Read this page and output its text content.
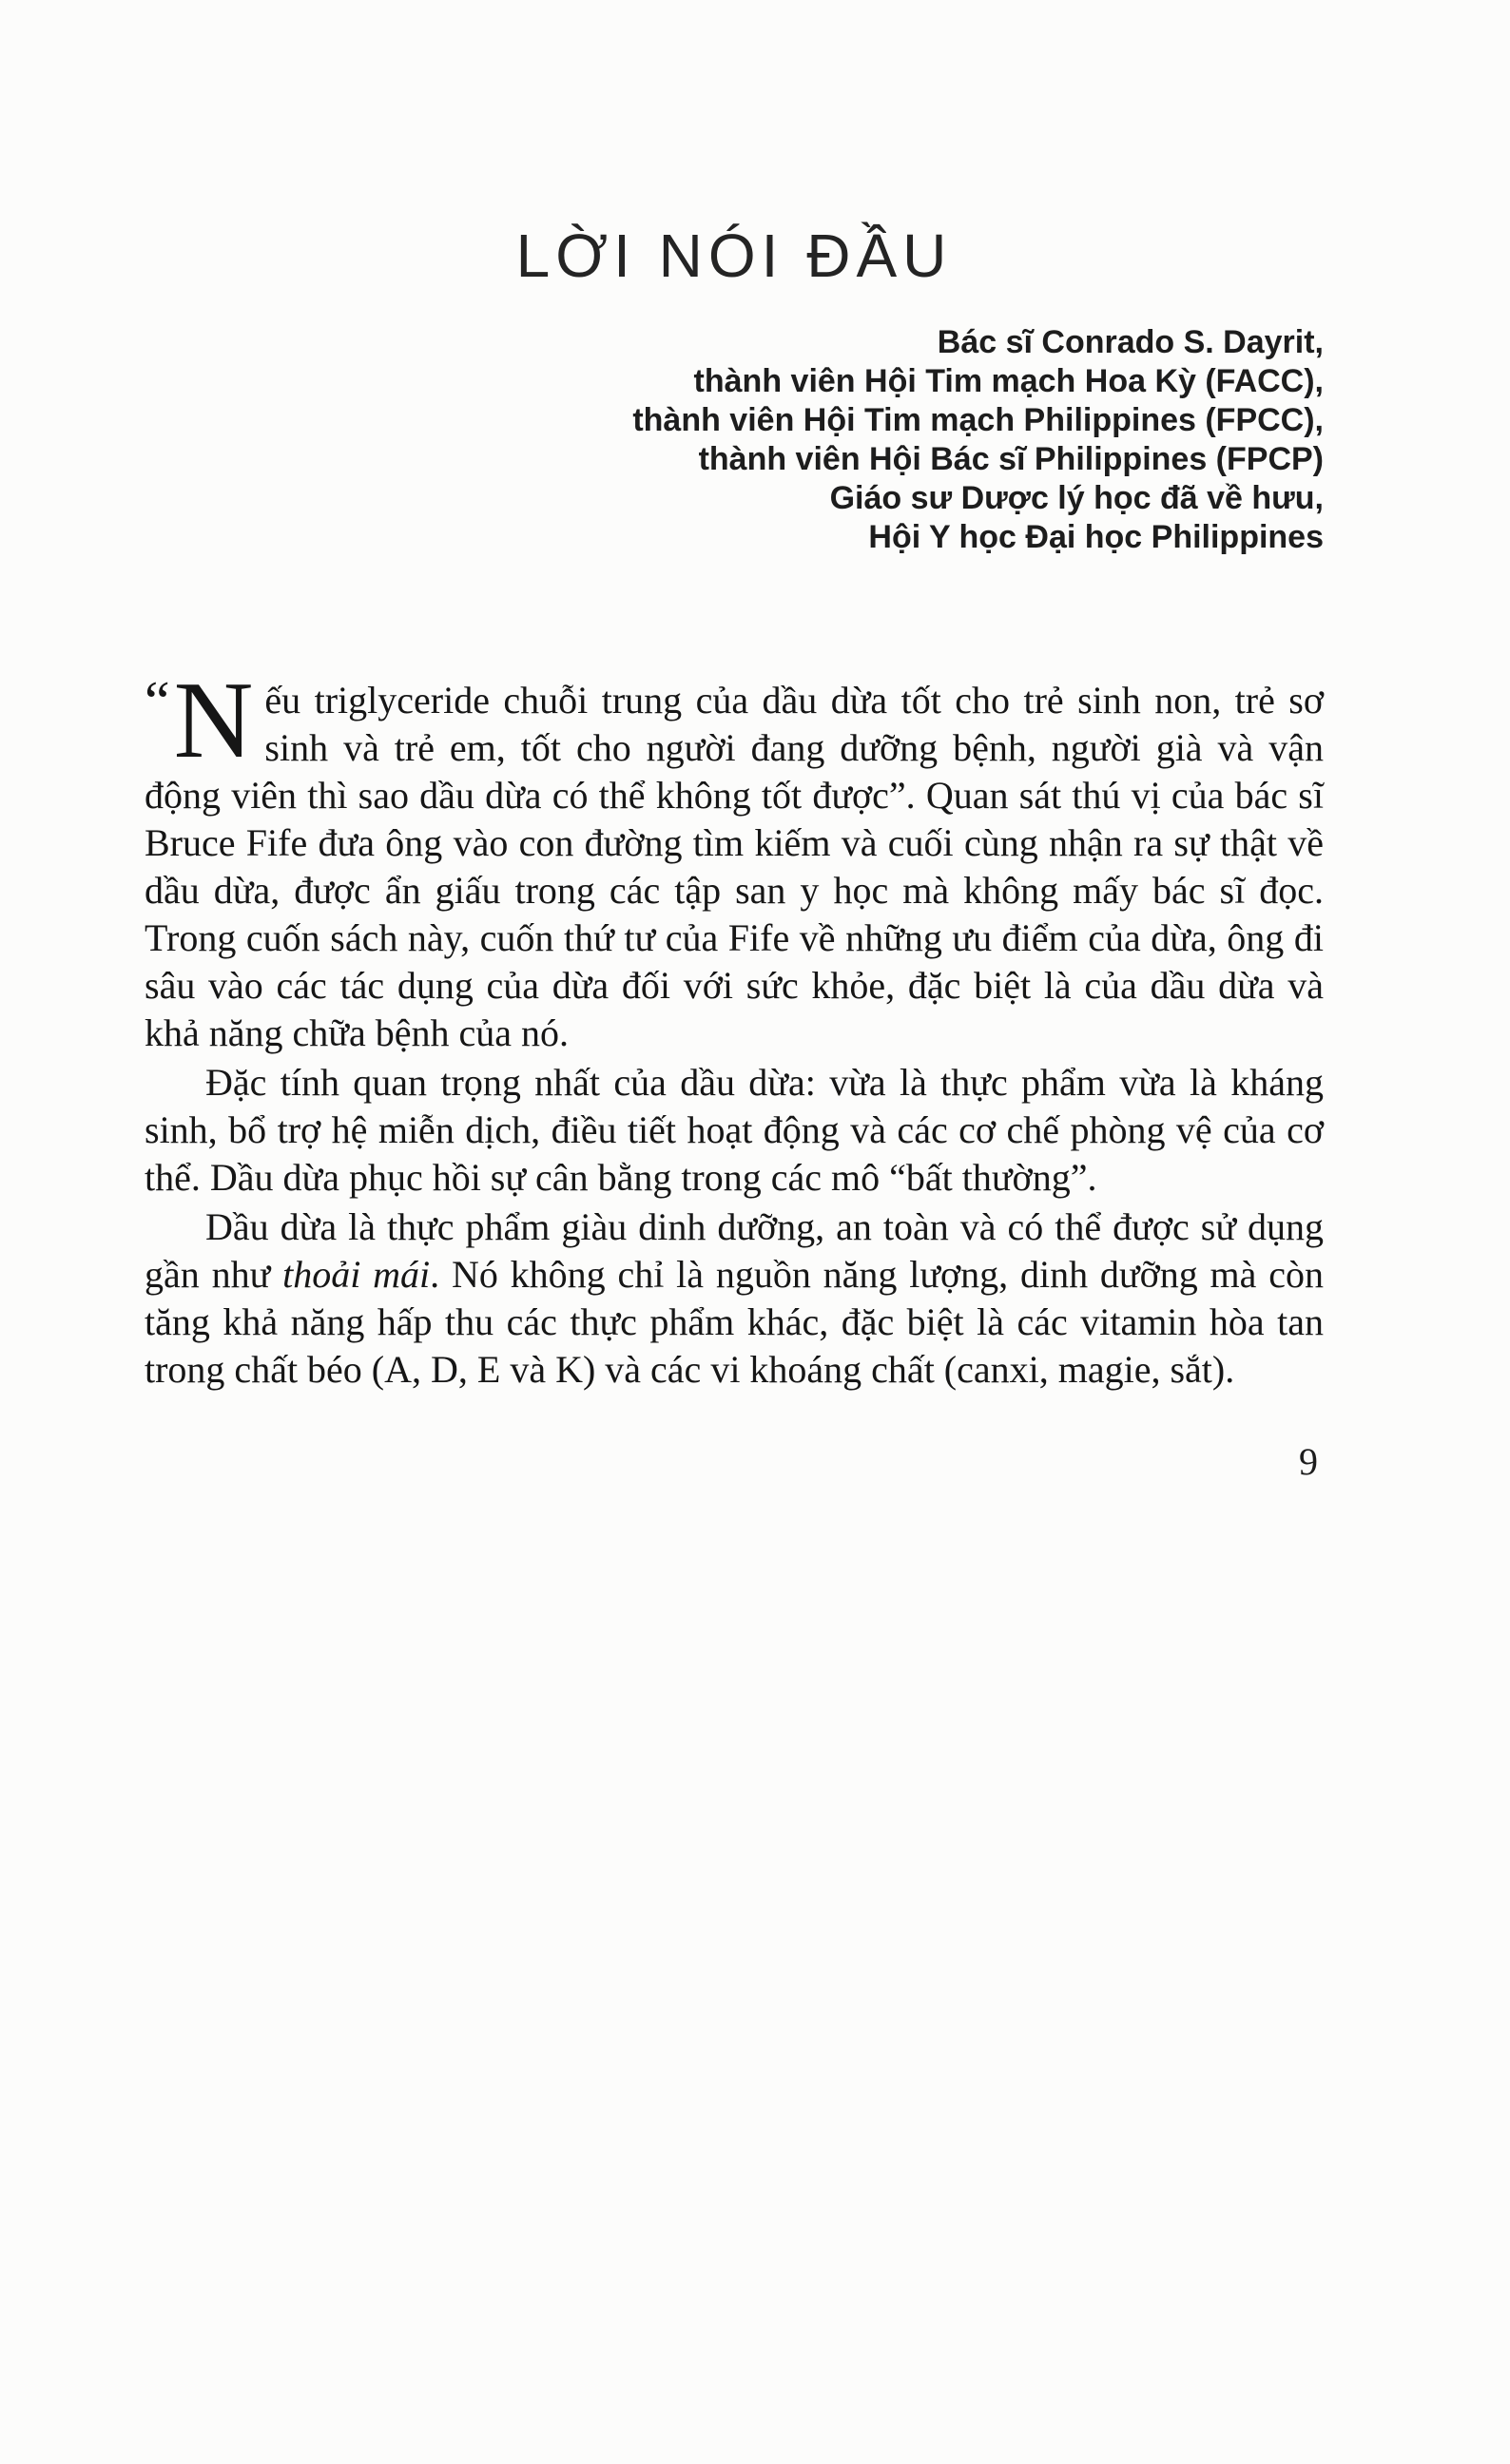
LỜI NÓI ĐẦU
Bác sĩ Conrado S. Dayrit,
thành viên Hội Tim mạch Hoa Kỳ (FACC),
thành viên Hội Tim mạch Philippines (FPCC),
thành viên Hội Bác sĩ Philippines (FPCP)
Giáo sư Dược lý học đã về hưu,
Hội Y học Đại học Philippines

“ N ếu triglyceride chuỗi trung của dầu dừa tốt cho trẻ sinh non, trẻ sơ sinh và trẻ em, tốt cho người đang dưỡng bệnh, người già và vận động viên thì sao dầu dừa có thể không tốt được”. Quan sát thú vị của bác sĩ Bruce Fife đưa ông vào con đường tìm kiếm và cuối cùng nhận ra sự thật về dầu dừa, được ẩn giấu trong các tập san y học mà không mấy bác sĩ đọc. Trong cuốn sách này, cuốn thứ tư của Fife về những ưu điểm của dừa, ông đi sâu vào các tác dụng của dừa đối với sức khỏe, đặc biệt là của dầu dừa và khả năng chữa bệnh của nó.

Đặc tính quan trọng nhất của dầu dừa: vừa là thực phẩm vừa là kháng sinh, bổ trợ hệ miễn dịch, điều tiết hoạt động và các cơ chế phòng vệ của cơ thể. Dầu dừa phục hồi sự cân bằng trong các mô “bất thường”.

Dầu dừa là thực phẩm giàu dinh dưỡng, an toàn và có thể được sử dụng gần như thoải mái. Nó không chỉ là nguồn năng lượng, dinh dưỡng mà còn tăng khả năng hấp thu các thực phẩm khác, đặc biệt là các vitamin hòa tan trong chất béo (A, D, E và K) và các vi khoáng chất (canxi, magie, sắt).

9
